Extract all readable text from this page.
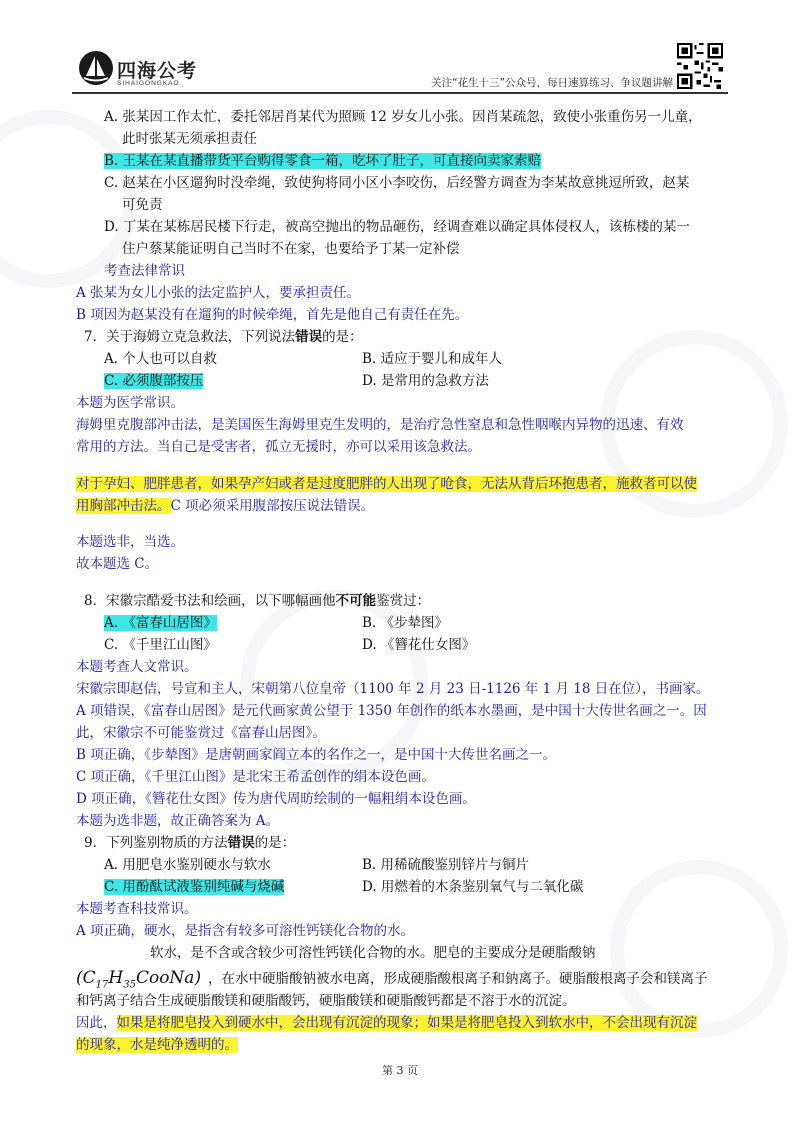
四海公考
SIHAIGONGKAO	关注“花生十三”公众号，每日速算练习、争议题讲解
A. 张某因工作太忙，委托邻居肖某代为照顾 12 岁女儿小张。因肖某疏忽，致使小张重伤另一儿童，
此时张某无须承担责任
B. 王某在某直播带货平台购得零食一箱，吃坏了肚子，可直接向卖家索赔
C. 赵某在小区遛狗时没牵绳，致使狗将同小区小李咬伤，后经警方调查为李某故意挑逗所致，赵某
可免责
D. 丁某在某栋居民楼下行走，被高空抛出的物品砸伤，经调查难以确定具体侵权人，该栋楼的某一
住户蔡某能证明自己当时不在家，也要给予丁某一定补偿
考查法律常识
A 张某为女儿小张的法定监护人，要承担责任。
B 项因为赵某没有在遛狗的时候牵绳，首先是他自己有责任在先。
7．关于海姆立克急救法，下列说法错误的是：
A. 个人也可以自救	B. 适应于婴儿和成年人
C. 必须腹部按压	D. 是常用的急救方法
本题为医学常识。
海姆里克腹部冲击法，是美国医生海姆里克生发明的，是治疗急性窒息和急性咽喉内异物的迅速、有效
常用的方法。当自己是受害者，孤立无援时，亦可以采用该急救法。
对于孕妇、肥胖患者，如果孕产妇或者是过度肥胖的人出现了呛食，无法从背后环抱患者，施救者可以使
用胸部冲击法。C 项必须采用腹部按压说法错误。
本题选非，当选。
故本题选 C。
8．宋徽宗酷爱书法和绘画，以下哪幅画他不可能鉴赏过：
A. 《富春山居图》	B. 《步辇图》
C. 《千里江山图》	D. 《簪花仕女图》
本题考查人文常识。
宋徽宗即赵佶，号宣和主人，宋朝第八位皇帝（1100 年 2 月 23 日-1126 年 1 月 18 日在位），书画家。
A 项错误，《富春山居图》是元代画家黄公望于 1350 年创作的纸本水墨画，是中国十大传世名画之一。因
此，宋徽宗不可能鉴赏过《富春山居图》。
B 项正确，《步辇图》是唐朝画家阎立本的名作之一，是中国十大传世名画之一。
C 项正确，《千里江山图》是北宋王希孟创作的绢本设色画。
D 项正确，《簪花仕女图》传为唐代周昉绘制的一幅粗绢本设色画。
本题为选非题，故正确答案为 A。
9．下列鉴别物质的方法错误的是：
A. 用肥皂水鉴别硬水与软水	B. 用稀硫酸鉴别锌片与铜片
C. 用酚酞试液鉴别纯碱与烧碱	D. 用燃着的木条鉴别氧气与二氧化碳
本题考查科技常识。
A 项正确，硬水，是指含有较多可溶性钙镁化合物的水。
软水，是不含或含较少可溶性钙镁化合物的水。肥皂的主要成分是硬脂酸钠
$(C_{17}H_{35}CooNa)$ ，在水中硬脂酸钠被水电离，形成硬脂酸根离子和钠离子。硬脂酸根离子会和镁离子
和钙离子结合生成硬脂酸镁和硬脂酸钙，硬脂酸镁和硬脂酸钙都是不溶于水的沉淀。
因此，如果是将肥皂投入到硬水中，会出现有沉淀的现象；如果是将肥皂投入到软水中，不会出现有沉淀
的现象，水是纯净透明的。
第 3 页
